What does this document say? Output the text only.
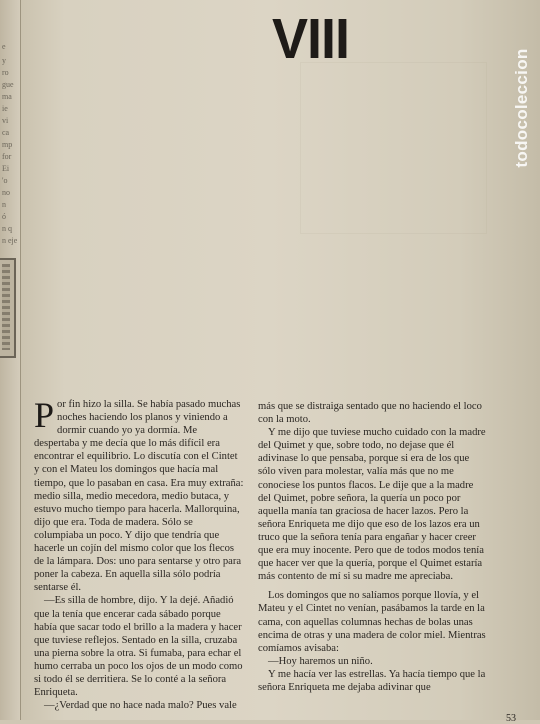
e
y
ro
gue
ma
ie
vi
ca
mp
for
Ei
'o
no
n
ó
n q
n eje
VIII
todocoleccion

Por fin hizo la silla. Se había pasado muchas noches haciendo los planos y viniendo a dormir cuando yo ya dormía. Me despertaba y me decía que lo más difícil era encontrar el equilibrio. Lo discutía con el Cintet y con el Mateu los domingos que hacía mal tiempo, que lo pasaban en casa. Era muy extraña: medio silla, medio mecedora, medio butaca, y estuvo mucho tiempo para hacerla. Mallorquina, dijo que era. Toda de madera. Sólo se columpiaba un poco. Y dijo que tendría que hacerle un cojín del mismo color que los flecos de la lámpara. Dos: uno para sentarse y otro para poner la cabeza. En aquella silla sólo podría sentarse él.

—Es silla de hombre, dijo. Y la dejé. Añadió que la tenía que encerar cada sábado porque había que sacar todo el brillo a la madera y hacer que tuviese reflejos. Sentado en la silla, cruzaba una pierna sobre la otra. Si fumaba, para echar el humo cerraba un poco los ojos de un modo como si todo él se derritiera. Se lo conté a la señora Enriqueta.

—¿Verdad que no hace nada malo? Pues vale

más que se distraiga sentado que no haciendo el loco con la moto.

Y me dijo que tuviese mucho cuidado con la madre del Quimet y que, sobre todo, no dejase que él adivinase lo que pensaba, porque si era de los que sólo viven para molestar, valía más que no me conociese los puntos flacos. Le dije que a la madre del Quimet, pobre señora, la quería un poco por aquella manía tan graciosa de hacer lazos. Pero la señora Enriqueta me dijo que eso de los lazos era un truco que la señora tenía para engañar y hacer creer que era muy inocente. Pero que de todos modos tenía que hacer ver que la quería, porque el Quimet estaría más contento de mí si su madre me apreciaba.

Los domingos que no salíamos porque llovía, y el Mateu y el Cintet no venían, pasábamos la tarde en la cama, con aquellas columnas hechas de bolas unas encima de otras y una madera de color miel. Mientras comíamos avisaba:

—Hoy haremos un niño.

Y me hacía ver las estrellas. Ya hacía tiempo que la señora Enriqueta me dejaba adivinar que

53
